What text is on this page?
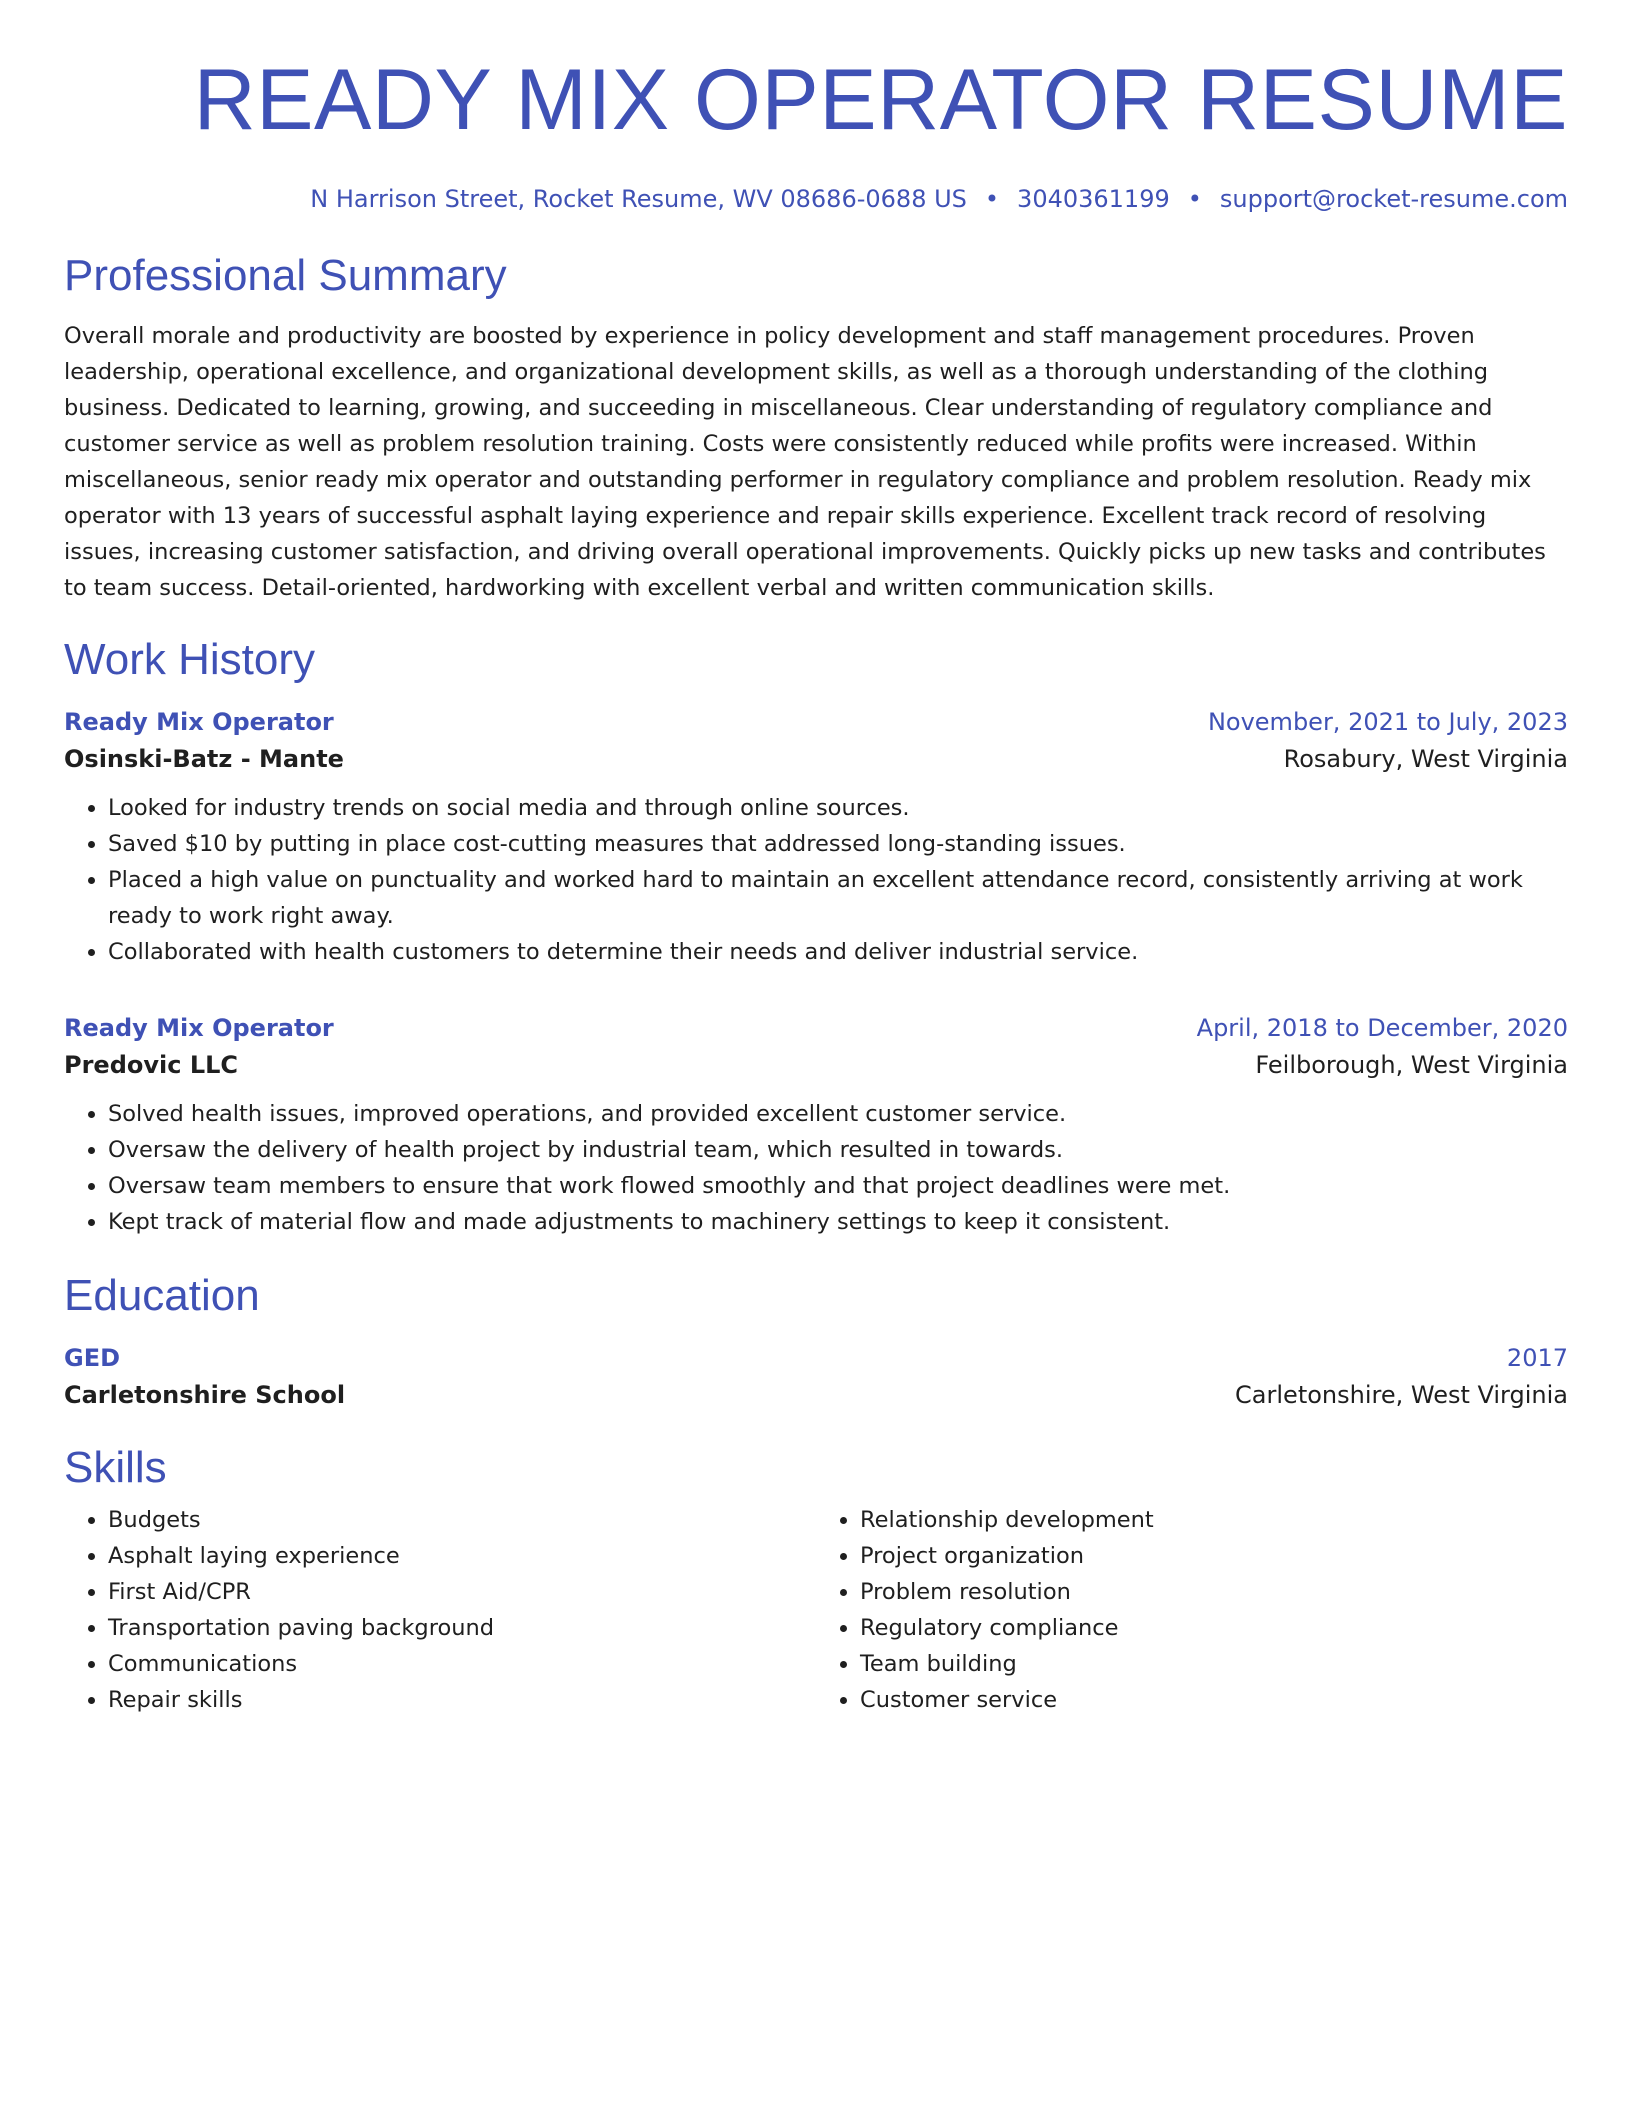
READY MIX OPERATOR RESUME
N Harrison Street, Rocket Resume, WV 08686-0688 US • 3040361199 • support@rocket-resume.com
Professional Summary
Overall morale and productivity are boosted by experience in policy development and staff management procedures. Proven leadership, operational excellence, and organizational development skills, as well as a thorough understanding of the clothing business. Dedicated to learning, growing, and succeeding in miscellaneous. Clear understanding of regulatory compliance and customer service as well as problem resolution training. Costs were consistently reduced while profits were increased. Within miscellaneous, senior ready mix operator and outstanding performer in regulatory compliance and problem resolution. Ready mix operator with 13 years of successful asphalt laying experience and repair skills experience. Excellent track record of resolving issues, increasing customer satisfaction, and driving overall operational improvements. Quickly picks up new tasks and contributes to team success. Detail-oriented, hardworking with excellent verbal and written communication skills.
Work History
Ready Mix Operator	November, 2021 to July, 2023
Osinski-Batz - Mante	Rosabury, West Virginia
• Looked for industry trends on social media and through online sources.
• Saved $10 by putting in place cost-cutting measures that addressed long-standing issues.
• Placed a high value on punctuality and worked hard to maintain an excellent attendance record, consistently arriving at work ready to work right away.
• Collaborated with health customers to determine their needs and deliver industrial service.
Ready Mix Operator	April, 2018 to December, 2020
Predovic LLC	Feilborough, West Virginia
• Solved health issues, improved operations, and provided excellent customer service.
• Oversaw the delivery of health project by industrial team, which resulted in towards.
• Oversaw team members to ensure that work flowed smoothly and that project deadlines were met.
• Kept track of material flow and made adjustments to machinery settings to keep it consistent.
Education
GED	2017
Carletonshire School	Carletonshire, West Virginia
Skills
• Budgets
• Asphalt laying experience
• First Aid/CPR
• Transportation paving background
• Communications
• Repair skills
• Relationship development
• Project organization
• Problem resolution
• Regulatory compliance
• Team building
• Customer service
